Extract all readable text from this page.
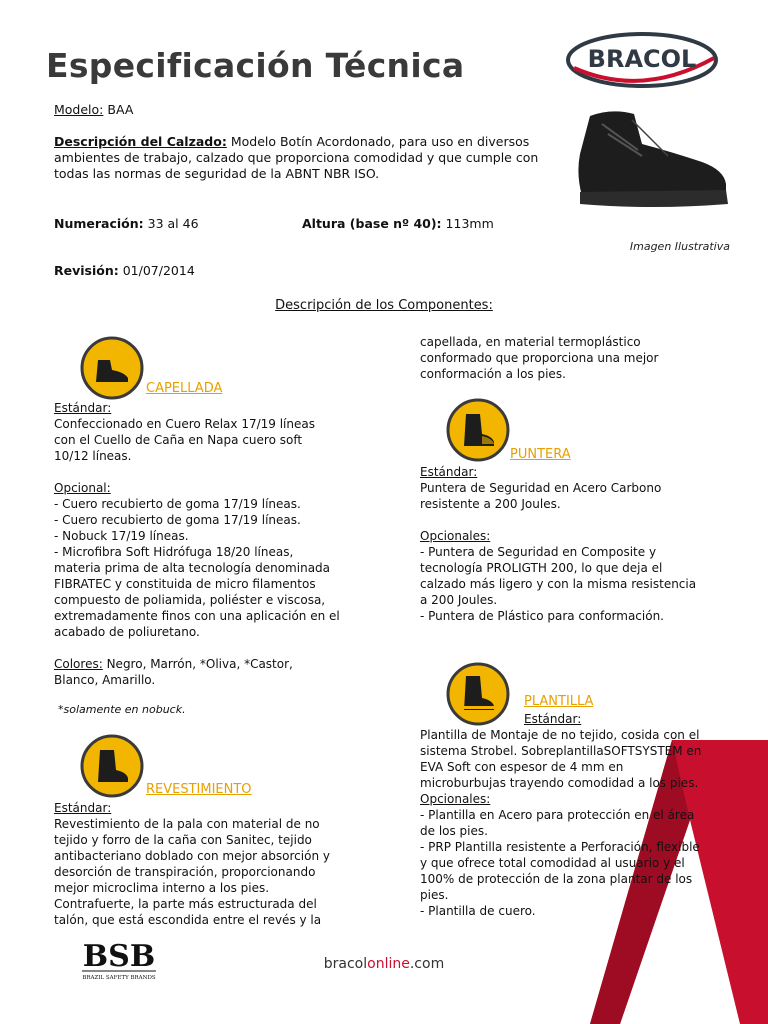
Especificación Técnica	BRACOL
Modelo: BAA
Descripción del Calzado: Modelo Botín Acordonado, para uso en diversos
ambientes de trabajo, calzado que proporciona comodidad y que cumple con
todas las normas de seguridad de la ABNT NBR ISO.
Numeración: 33 al 46	Altura (base nº 40): 113mm
Revisión: 01/07/2014
Imagen Ilustrativa
Descripción de los Componentes:
CAPELLADA
Estándar:
Confeccionado en Cuero Relax 17/19 líneas
con el Cuello de Caña en Napa cuero soft
10/12 líneas.
Opcional:
- Cuero recubierto de goma 17/19 líneas.
- Cuero recubierto de goma 17/19 líneas.
- Nobuck 17/19 líneas.
- Microfibra Soft Hidrófuga 18/20 líneas,
materia prima de alta tecnología denominada
FIBRATEC y constituida de micro filamentos
compuesto de poliamida, poliéster e viscosa,
extremadamente finos con una aplicación en el
acabado de poliuretano.
Colores: Negro, Marrón, *Oliva, *Castor,
Blanco, Amarillo.
*solamente en nobuck.
REVESTIMIENTO
Estándar:
Revestimiento de la pala con material de no
tejido y forro de la caña con Sanitec, tejido
antibacteriano doblado con mejor absorción y
desorción de transpiración, proporcionando
mejor microclima interno a los pies.
Contrafuerte, la parte más estructurada del
talón, que está escondida entre el revés y la
capellada, en material termoplástico
conformado que proporciona una mejor
conformación a los pies.
PUNTERA
Estándar:
Puntera de Seguridad en Acero Carbono
resistente a 200 Joules.
Opcionales:
- Puntera de Seguridad en Composite y
tecnología PROLIGTH 200, lo que deja el
calzado más ligero y con la misma resistencia
a 200 Joules.
- Puntera de Plástico para conformación.
PLANTILLA
Estándar:
Plantilla de Montaje de no tejido, cosida con el
sistema Strobel. SobreplantillaSOFTSYSTEM en
EVA Soft con espesor de 4 mm en
microburbujas trayendo comodidad a los pies.
Opcionales:
- Plantilla en Acero para protección en el área
de los pies.
- PRP Plantilla resistente a Perforación, flexible
y que ofrece total comodidad al usuario y el
100% de protección de la zona plantar de los
pies.
- Plantilla de cuero.
BSB
BRAZIL SAFETY BRANDS
bracolonline.com
